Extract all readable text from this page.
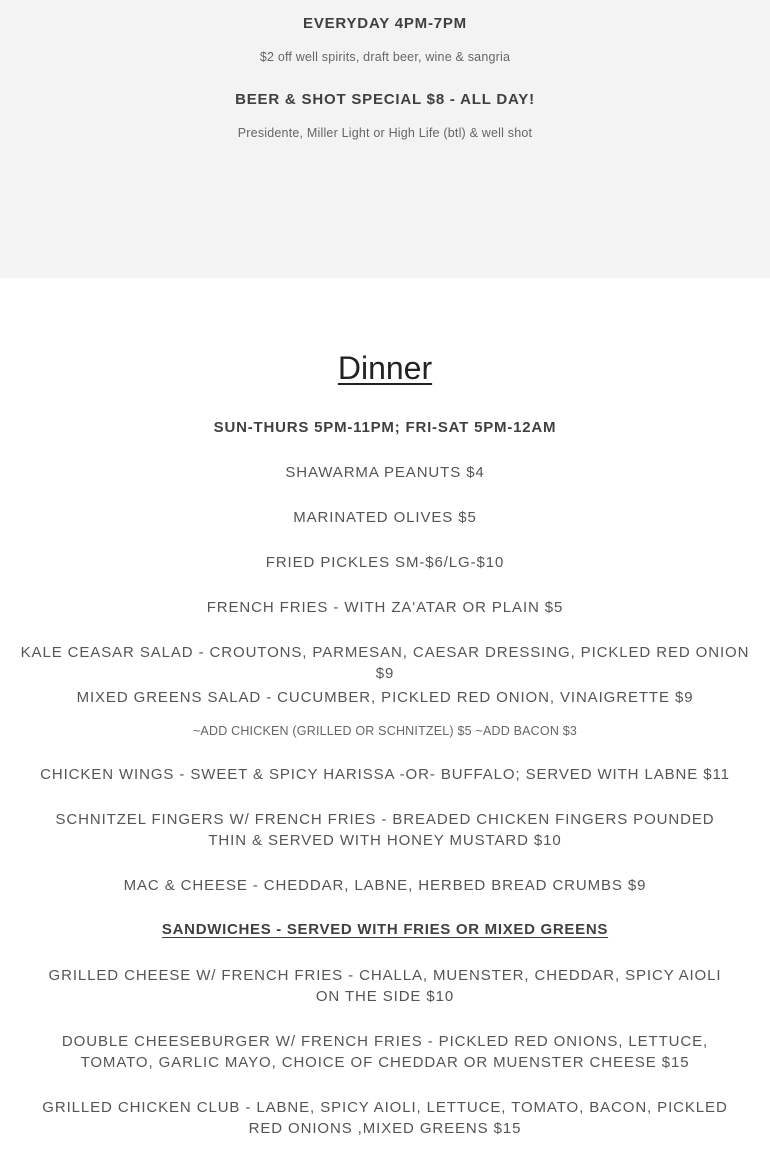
EVERYDAY 4PM-7PM
$2 off well spirits, draft beer, wine & sangria
BEER & SHOT SPECIAL $8 - ALL DAY!
Presidente, Miller Light or High Life (btl) & well shot
Dinner
SUN-THURS 5PM-11PM; FRI-SAT 5PM-12AM
SHAWARMA PEANUTS $4
MARINATED OLIVES $5
FRIED PICKLES SM-$6/LG-$10
FRENCH FRIES - WITH ZA'ATAR OR PLAIN $5
KALE CEASAR SALAD - CROUTONS, PARMESAN, CAESAR DRESSING, PICKLED RED ONION $9
MIXED GREENS SALAD - CUCUMBER, PICKLED RED ONION, VINAIGRETTE $9
~ADD CHICKEN (GRILLED OR SCHNITZEL) $5 ~ADD BACON $3
CHICKEN WINGS - SWEET & SPICY HARISSA -OR- BUFFALO; SERVED WITH LABNE $11
SCHNITZEL FINGERS W/ FRENCH FRIES - BREADED CHICKEN FINGERS POUNDED THIN & SERVED WITH HONEY MUSTARD $10
MAC & CHEESE - CHEDDAR, LABNE, HERBED BREAD CRUMBS $9
SANDWICHES - SERVED WITH FRIES OR MIXED GREENS
GRILLED CHEESE W/ FRENCH FRIES - CHALLA, MUENSTER, CHEDDAR, SPICY AIOLI ON THE SIDE $10
DOUBLE CHEESEBURGER W/ FRENCH FRIES - PICKLED RED ONIONS, LETTUCE, TOMATO, GARLIC MAYO, CHOICE OF CHEDDAR OR MUENSTER CHEESE $15
GRILLED CHICKEN CLUB - LABNE, SPICY AIOLI, LETTUCE, TOMATO, BACON, PICKLED RED ONIONS ,MIXED GREENS $15
